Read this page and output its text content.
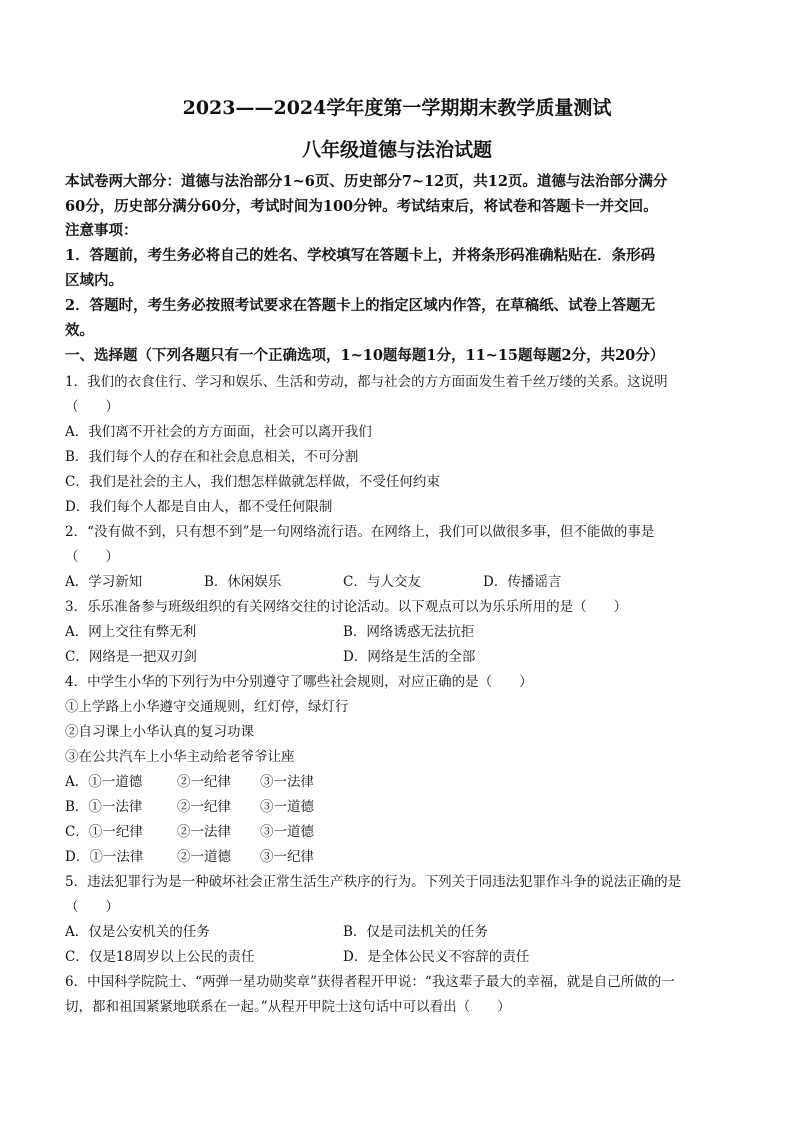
2023——2024学年度第一学期期末教学质量测试
八年级道德与法治试题
本试卷两大部分：道德与法治部分1~6页、历史部分7~12页，共12页。道德与法治部分满分
60分，历史部分满分60分，考试时间为100分钟。考试结束后，将试卷和答题卡一并交回。
注意事项：
1．答题前，考生务必将自己的姓名、学校填写在答题卡上，并将条形码准确粘贴在．条形码
区域内。
2．答题时，考生务必按照考试要求在答题卡上的指定区域内作答，在草稿纸、试卷上答题无
效。
一、选择题（下列各题只有一个正确选项，1~10题每题1分，11~15题每题2分，共20分）
1．我们的衣食住行、学习和娱乐、生活和劳动，都与社会的方方面面发生着千丝万缕的关系。这说明
（　　）
A．我们离不开社会的方方面面，社会可以离开我们
B．我们每个人的存在和社会息息相关，不可分割
C．我们是社会的主人，我们想怎样做就怎样做，不受任何约束
D．我们每个人都是自由人，都不受任何限制
2．“没有做不到，只有想不到”是一句网络流行语。在网络上，我们可以做很多事，但不能做的事是
（　　）
A．学习新知	B．休闲娱乐	C．与人交友	D．传播谣言
3．乐乐准备参与班级组织的有关网络交往的讨论活动。以下观点可以为乐乐所用的是（　　）
A．网上交往有弊无利	B．网络诱惑无法抗拒
C．网络是一把双刃剑	D．网络是生活的全部
4．中学生小华的下列行为中分别遵守了哪些社会规则，对应正确的是（　　）
①上学路上小华遵守交通规则，红灯停，绿灯行
②自习课上小华认真的复习功课
③在公共汽车上小华主动给老爷爷让座
A．①一道德	②一纪律 ③一法律
B．①一法律	②一纪律 ③一道德
C．①一纪律	②一法律 ③一道德
D．①一法律 ②一道德 ③一纪律
5．违法犯罪行为是一种破坏社会正常生活生产秩序的行为。下列关于同违法犯罪作斗争的说法正确的是
（　　）
A．仅是公安机关的任务	B．仅是司法机关的任务
C．仅是18周岁以上公民的责任	D．是全体公民义不容辞的责任
6．中国科学院院士、“两弹一星功勋奖章”获得者程开甲说：“我这辈子最大的幸福，就是自己所做的一
切，都和祖国紧紧地联系在一起。”从程开甲院士这句话中可以看出（　　）
